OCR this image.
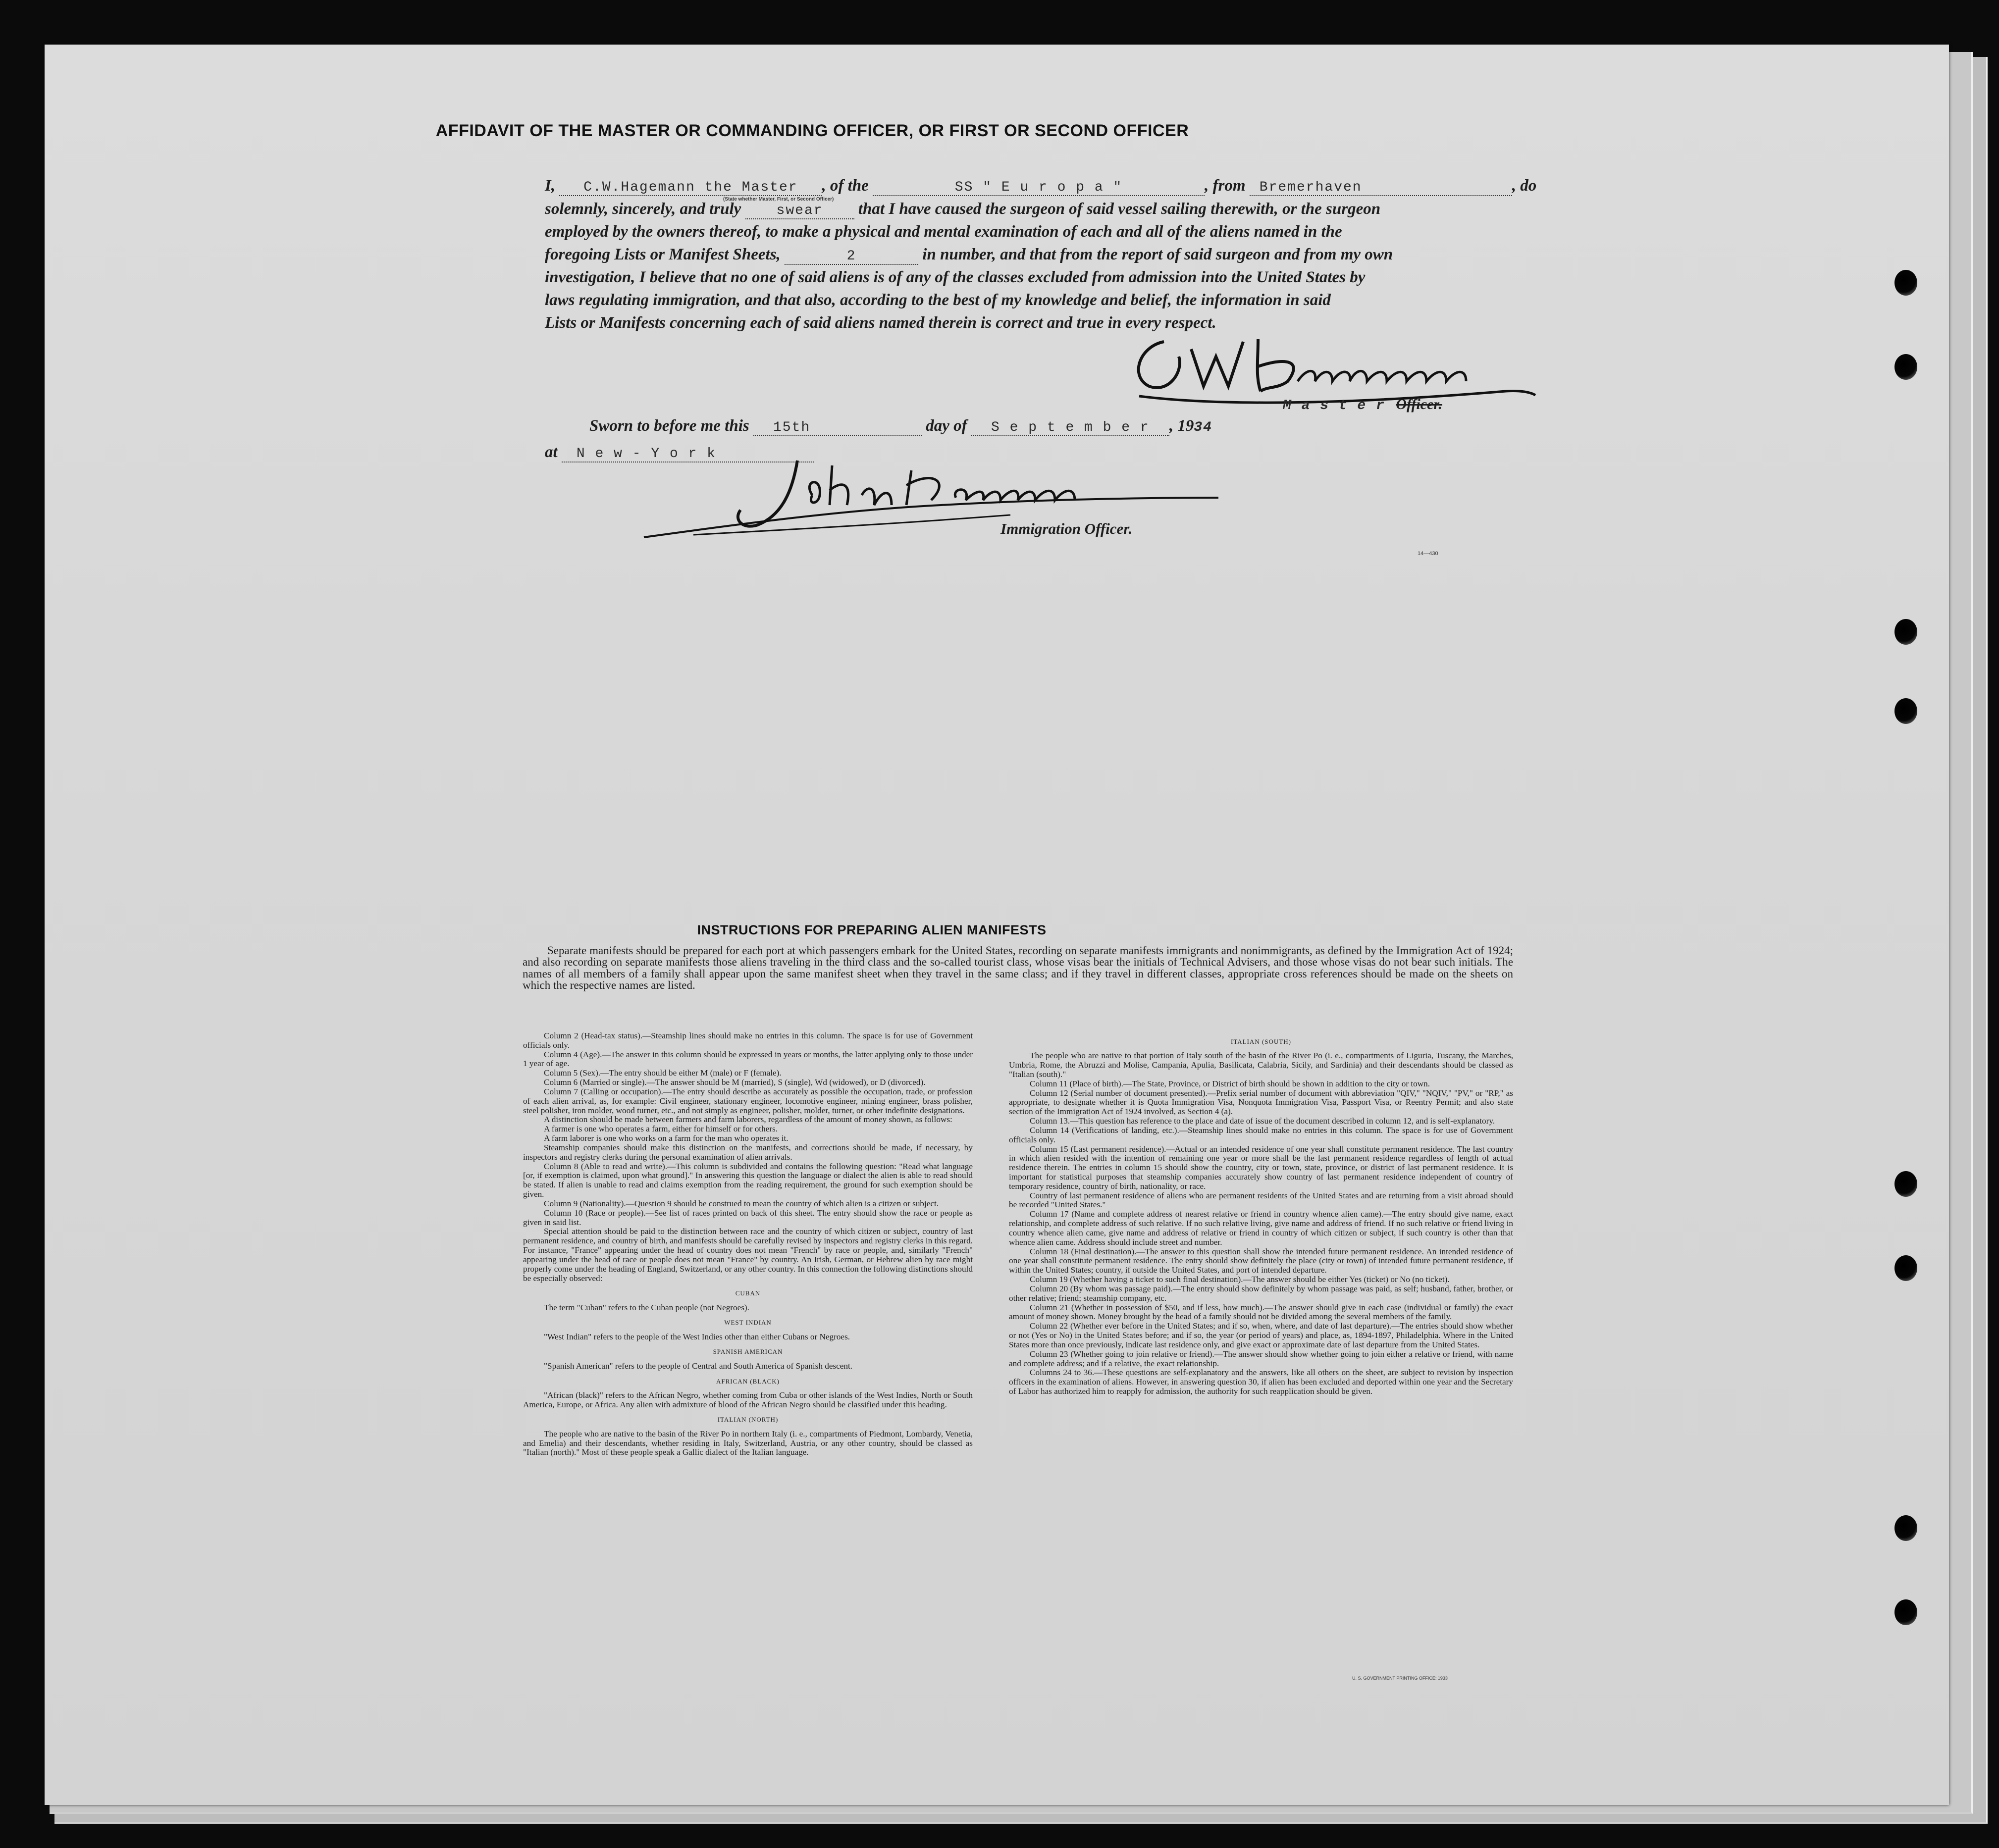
AFFIDAVIT OF THE MASTER OR COMMANDING OFFICER, OR FIRST OR SECOND OFFICER
I, C.W.Hagemann the Master , of the	SS " E u r o p a "	, from Bremerhaven	, do
(State whether Master, First, or Second Officer)
solemnly, sincerely, and truly	swear that I have caused the surgeon of said vessel sailing therewith, or the surgeon
employed by the owners thereof, to make a physical and mental examination of each and all of the aliens named in the
foregoing Lists or Manifest Sheets,	2	in number, and that from the report of said surgeon and from my own
investigation, I believe that no one of said aliens is of any of the classes excluded from admission into the United States by
laws regulating immigration, and that also, according to the best of my knowledge and belief, the information in said
Lists or Manifests concerning each of said aliens named therein is correct and true in every respect.
M a s t e r Officer.
Sworn to before me this 15th	day of S e p t e m b e r , 1934
at N e w - Y o r k
Immigration Officer.
14—430
INSTRUCTIONS FOR PREPARING ALIEN MANIFESTS

Separate manifests should be prepared for each port at which passengers embark for the United States, recording on separate manifests immigrants and nonimmigrants, as defined by the Immigration Act of 1924; and also recording on separate manifests those aliens traveling in the third class and the so-called tourist class, whose visas bear the initials of Technical Advisers, and those whose visas do not bear such initials. The names of all members of a family shall appear upon the same manifest sheet when they travel in the same class; and if they travel in different classes, appropriate cross references should be made on the sheets on which the respective names are listed.

Column 2 (Head-tax status).—Steamship lines should make no entries in this column. The space is for use of Government officials only.

Column 4 (Age).—The answer in this column should be expressed in years or months, the latter applying only to those under 1 year of age.

Column 5 (Sex).—The entry should be either M (male) or F (female).

Column 6 (Married or single).—The answer should be M (married), S (single), Wd (widowed), or D (divorced).

Column 7 (Calling or occupation).—The entry should describe as accurately as possible the occupation, trade, or profession of each alien arrival, as, for example: Civil engineer, stationary engineer, locomotive engineer, mining engineer, brass polisher, steel polisher, iron molder, wood turner, etc., and not simply as engineer, polisher, molder, turner, or other indefinite designations.

A distinction should be made between farmers and farm laborers, regardless of the amount of money shown, as follows:

A farmer is one who operates a farm, either for himself or for others.

A farm laborer is one who works on a farm for the man who operates it.

Steamship companies should make this distinction on the manifests, and corrections should be made, if necessary, by inspectors and registry clerks during the personal examination of alien arrivals.

Column 8 (Able to read and write).—This column is subdivided and contains the following question: "Read what language [or, if exemption is claimed, upon what ground]." In answering this question the language or dialect the alien is able to read should be stated. If alien is unable to read and claims exemption from the reading requirement, the ground for such exemption should be given.

Column 9 (Nationality).—Question 9 should be construed to mean the country of which alien is a citizen or subject.

Column 10 (Race or people).—See list of races printed on back of this sheet. The entry should show the race or people as given in said list.

Special attention should be paid to the distinction between race and the country of which citizen or subject, country of last permanent residence, and country of birth, and manifests should be carefully revised by inspectors and registry clerks in this regard. For instance, "France" appearing under the head of country does not mean "French" by race or people, and, similarly "French" appearing under the head of race or people does not mean "France" by country. An Irish, German, or Hebrew alien by race might properly come under the heading of England, Switzerland, or any other country. In this connection the following distinctions should be especially observed:

CUBAN

The term "Cuban" refers to the Cuban people (not Negroes).

WEST INDIAN

"West Indian" refers to the people of the West Indies other than either Cubans or Negroes.

SPANISH AMERICAN

"Spanish American" refers to the people of Central and South America of Spanish descent.

AFRICAN (BLACK)

"African (black)" refers to the African Negro, whether coming from Cuba or other islands of the West Indies, North or South America, Europe, or Africa. Any alien with admixture of blood of the African Negro should be classified under this heading.

ITALIAN (NORTH)

The people who are native to the basin of the River Po in northern Italy (i. e., compartments of Piedmont, Lombardy, Venetia, and Emelia) and their descendants, whether residing in Italy, Switzerland, Austria, or any other country, should be classed as "Italian (north)." Most of these people speak a Gallic dialect of the Italian language.

ITALIAN (SOUTH)

The people who are native to that portion of Italy south of the basin of the River Po (i. e., compartments of Liguria, Tuscany, the Marches, Umbria, Rome, the Abruzzi and Molise, Campania, Apulia, Basilicata, Calabria, Sicily, and Sardinia) and their descendants should be classed as "Italian (south)."

Column 11 (Place of birth).—The State, Province, or District of birth should be shown in addition to the city or town.

Column 12 (Serial number of document presented).—Prefix serial number of document with abbreviation "QIV," "NQIV," "PV," or "RP," as appropriate, to designate whether it is Quota Immigration Visa, Nonquota Immigration Visa, Passport Visa, or Reentry Permit; and also state section of the Immigration Act of 1924 involved, as Section 4 (a).

Column 13.—This question has reference to the place and date of issue of the document described in column 12, and is self-explanatory.

Column 14 (Verifications of landing, etc.).—Steamship lines should make no entries in this column. The space is for use of Government officials only.

Column 15 (Last permanent residence).—Actual or an intended residence of one year shall constitute permanent residence. The last country in which alien resided with the intention of remaining one year or more shall be the last permanent residence regardless of length of actual residence therein. The entries in column 15 should show the country, city or town, state, province, or district of last permanent residence. It is important for statistical purposes that steamship companies accurately show country of last permanent residence independent of country of temporary residence, country of birth, nationality, or race.

Country of last permanent residence of aliens who are permanent residents of the United States and are returning from a visit abroad should be recorded "United States."

Column 17 (Name and complete address of nearest relative or friend in country whence alien came).—The entry should give name, exact relationship, and complete address of such relative. If no such relative living, give name and address of friend. If no such relative or friend living in country whence alien came, give name and address of relative or friend in country of which citizen or subject, if such country is other than that whence alien came. Address should include street and number.

Column 18 (Final destination).—The answer to this question shall show the intended future permanent residence. An intended residence of one year shall constitute permanent residence. The entry should show definitely the place (city or town) of intended future permanent residence, if within the United States; country, if outside the United States, and port of intended departure.

Column 19 (Whether having a ticket to such final destination).—The answer should be either Yes (ticket) or No (no ticket).

Column 20 (By whom was passage paid).—The entry should show definitely by whom passage was paid, as self; husband, father, brother, or other relative; friend; steamship company, etc.

Column 21 (Whether in possession of $50, and if less, how much).—The answer should give in each case (individual or family) the exact amount of money shown. Money brought by the head of a family should not be divided among the several members of the family.

Column 22 (Whether ever before in the United States; and if so, when, where, and date of last departure).—The entries should show whether or not (Yes or No) in the United States before; and if so, the year (or period of years) and place, as, 1894-1897, Philadelphia. Where in the United States more than once previously, indicate last residence only, and give exact or approximate date of last departure from the United States.

Column 23 (Whether going to join relative or friend).—The answer should show whether going to join either a relative or friend, with name and complete address; and if a relative, the exact relationship.

Columns 24 to 36.—These questions are self-explanatory and the answers, like all others on the sheet, are subject to revision by inspection officers in the examination of aliens. However, in answering question 30, if alien has been excluded and deported within one year and the Secretary of Labor has authorized him to reapply for admission, the authority for such reapplication should be given.

U. S. GOVERNMENT PRINTING OFFICE: 1933
